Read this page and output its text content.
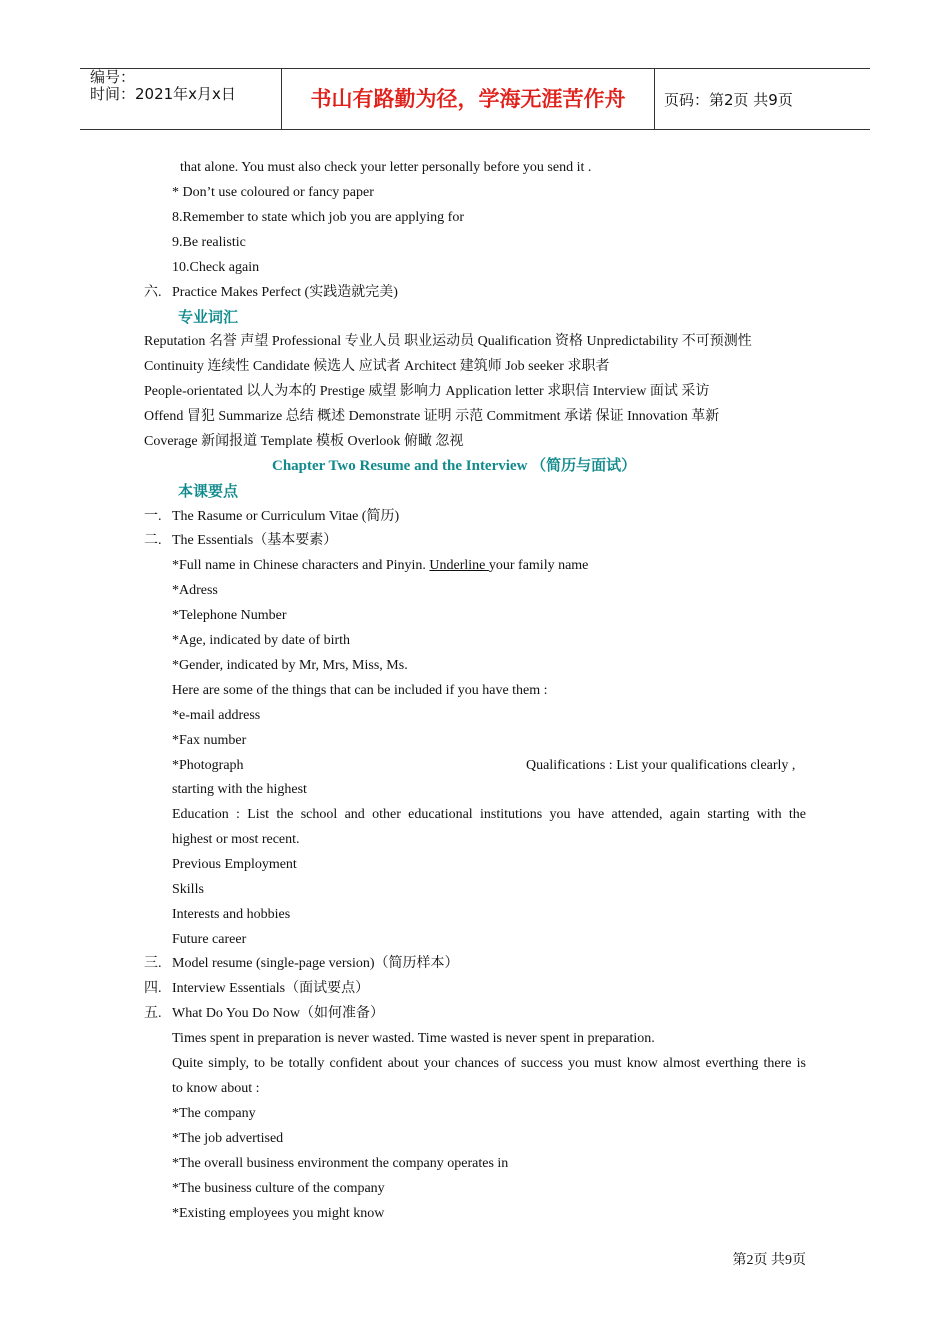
编号：
时间：2021年x月x日	书山有路勤为径，学海无涯苦作舟	页码：第2页 共9页
that alone. You must also check your letter personally before you send it .
* Don’t use coloured or fancy paper
8.Remember to state which job you are applying for
9.Be realistic
10.Check again
六. Practice Makes Perfect (实践造就完美)
专业词汇
Reputation 名誉 声望 Professional 专业人员 职业运动员 Qualification 资格 Unpredictability 不可预测性
Continuity 连续性 Candidate 候选人 应试者 Architect 建筑师 Job seeker 求职者
People-orientated 以人为本的 Prestige 威望 影响力 Application letter 求职信 Interview 面试 采访
Offend 冒犯 Summarize 总结 概述 Demonstrate 证明 示范 Commitment 承诺 保证 Innovation 革新
Coverage 新闻报道 Template 模板 Overlook 俯瞰 忽视
Chapter Two Resume and the Interview （简历与面试）
本课要点
一. The Rasume or Curriculum Vitae (简历)
二. The Essentials（基本要素）
*Full name in Chinese characters and Pinyin. Underline your family name
*Adress
*Telephone Number
*Age, indicated by date of birth
*Gender, indicated by Mr, Mrs, Miss, Ms.
Here are some of the things that can be included if you have them :
*e-mail address
*Fax number
*Photograph	Qualifications : List your qualifications clearly ,
starting with the highest
Education : List the school and other educational institutions you have attended, again starting with the
highest or most recent.
Previous Employment
Skills
Interests and hobbies
Future career
三. Model resume (single-page version)（简历样本）
四. Interview Essentials（面试要点）
五. What Do You Do Now（如何准备）
Times spent in preparation is never wasted. Time wasted is never spent in preparation.
Quite simply, to be totally confident about your chances of success you must know almost everthing there is
to know about :
*The company
*The job advertised
*The overall business environment the company operates in
*The business culture of the company
*Existing employees you might know
第2页 共9页
